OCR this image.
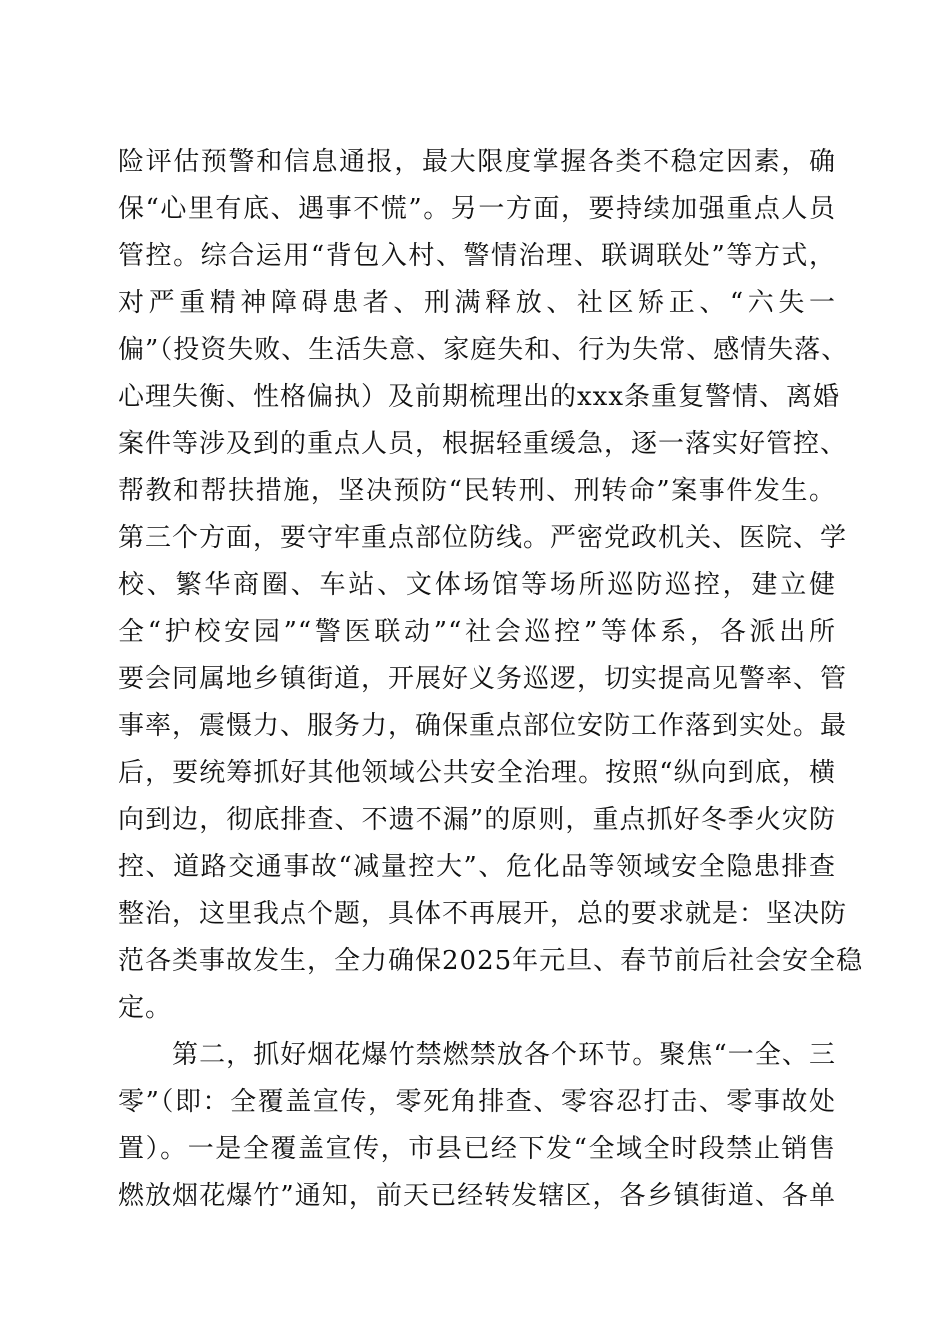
险评估预警和信息通报，最大限度掌握各类不稳定因素，确
保“心里有底、遇事不慌”。另一方面，要持续加强重点人员
管控。综合运用“背包入村、警情治理、联调联处”等方式，
对严重精神障碍患者、刑满释放、社区矫正、“六失一
偏”（投资失败、生活失意、家庭失和、行为失常、感情失落、
心理失衡、性格偏执）及前期梳理出的xxx条重复警情、离婚
案件等涉及到的重点人员，根据轻重缓急，逐一落实好管控、
帮教和帮扶措施，坚决预防“民转刑、刑转命”案事件发生。
第三个方面，要守牢重点部位防线。严密党政机关、医院、学
校、繁华商圈、车站、文体场馆等场所巡防巡控，建立健
全“护校安园”“警医联动”“社会巡控”等体系，各派出所
要会同属地乡镇街道，开展好义务巡逻，切实提高见警率、管
事率，震慑力、服务力，确保重点部位安防工作落到实处。最
后，要统筹抓好其他领域公共安全治理。按照“纵向到底，横
向到边，彻底排查、不遗不漏”的原则，重点抓好冬季火灾防
控、道路交通事故“减量控大”、危化品等领域安全隐患排查
整治，这里我点个题，具体不再展开，总的要求就是：坚决防
范各类事故发生，全力确保2025年元旦、春节前后社会安全稳
定。
第二，抓好烟花爆竹禁燃禁放各个环节。聚焦“一全、三
零”（即：全覆盖宣传，零死角排查、零容忍打击、零事故处
置）。一是全覆盖宣传，市县已经下发“全域全时段禁止销售
燃放烟花爆竹”通知，前天已经转发辖区，各乡镇街道、各单
